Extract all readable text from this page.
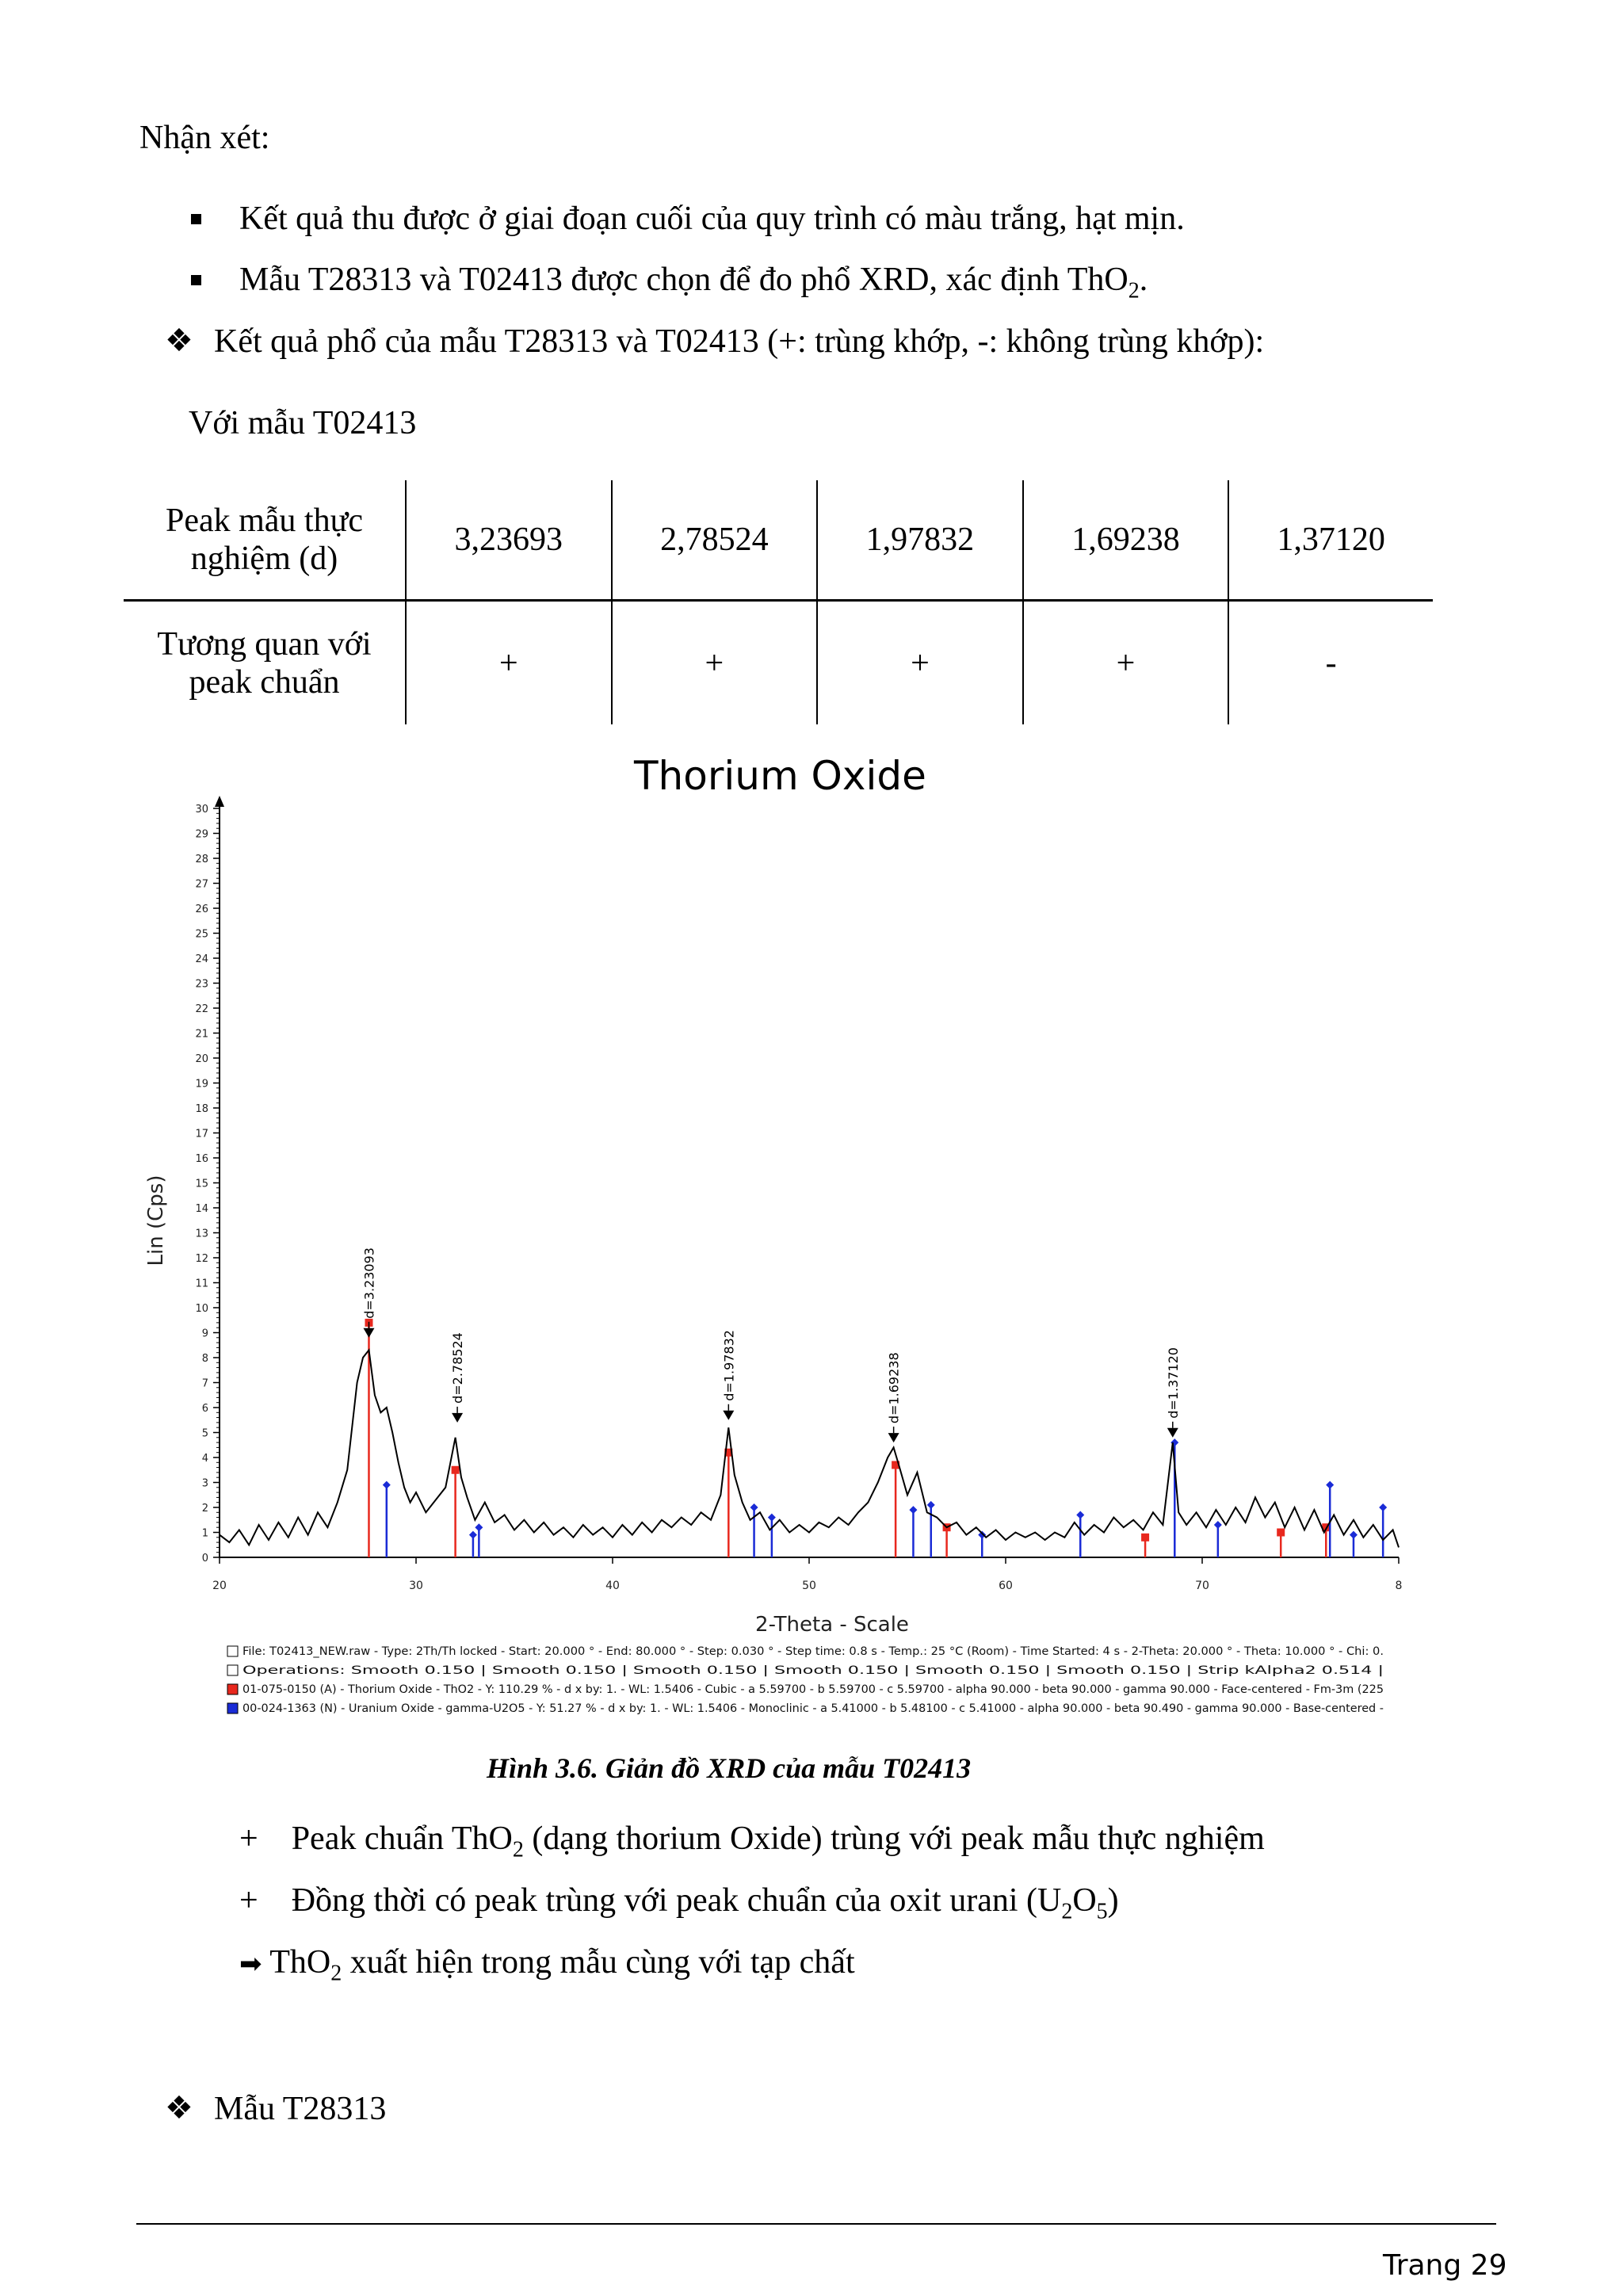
Nhận xét:
Kết quả thu được ở giai đoạn cuối của quy trình có màu trắng, hạt mịn.
Mẫu T28313 và T02413 được chọn để đo phổ XRD, xác định ThO$_2$.
❖ Kết quả phổ của mẫu T28313 và T02413 (+: trùng khớp, -: không trùng khớp):
Với mẫu T02413
Peak mẫu thực
nghiệm (d)	3,23693	2,78524	1,97832	1,69238	1,37120
Tương quan với
peak chuẩn	+	+	+	+	-
Thorium Oxide
0
1
2
3
4
5
6
7
8
9
10
11
12
13
14
15
16
17
18
19
20
21
22
23
24
25
26
27
28
29
30
20	30	40	50	60	70	8
d=3.23093
d=2.78524	d=1.97832	d=1.69238	d=1.37120
Lin (Cps)
2-Theta - Scale
File: T02413_NEW.raw - Type: 2Th/Th locked - Start: 20.000 ° - End: 80.000 ° - Step: 0.030 ° - Step time: 0.8 s - Temp.: 25 °C (Room) - Time Started: 4 s - 2-Theta: 20.000 ° - Theta: 10.000 ° - Chi: 0.
Operations: Smooth 0.150 | Smooth 0.150 | Smooth 0.150 | Smooth 0.150 | Smooth 0.150 | Smooth 0.150 | Strip kAlpha2 0.514 |
01-075-0150 (A) - Thorium Oxide - ThO2 - Y: 110.29 % - d x by: 1. - WL: 1.5406 - Cubic - a 5.59700 - b 5.59700 - c 5.59700 - alpha 90.000 - beta 90.000 - gamma 90.000 - Face-centered - Fm-3m (225
00-024-1363 (N) - Uranium Oxide - gamma-U2O5 - Y: 51.27 % - d x by: 1. - WL: 1.5406 - Monoclinic - a 5.41000 - b 5.48100 - c 5.41000 - alpha 90.000 - beta 90.490 - gamma 90.000 - Base-centered -
Hình 3.6. Giản đồ XRD của mẫu T02413
+ Peak chuẩn ThO$_2$ (dạng thorium Oxide) trùng với peak mẫu thực nghiệm
+ Đồng thời có peak trùng với peak chuẩn của oxit urani $(U_2O_5)$
➡ ThO$_2$ xuất hiện trong mẫu cùng với tạp chất
❖ Mẫu T28313
Trang 29
